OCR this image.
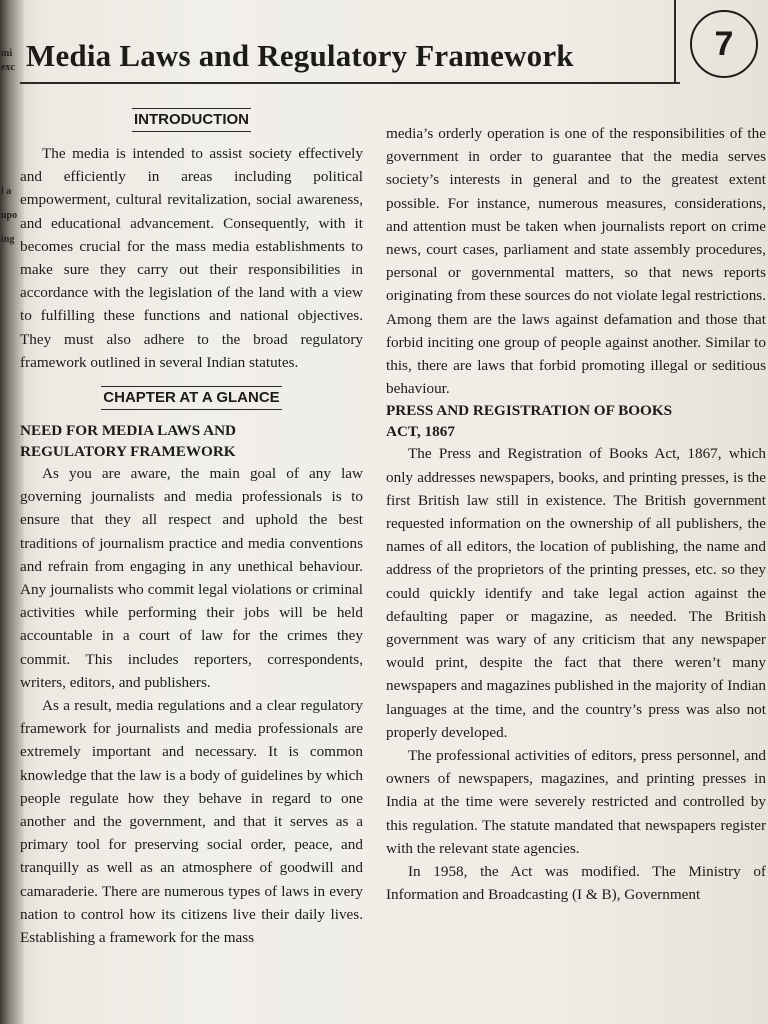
mi
exc
l a
npo
ing
Media Laws and Regulatory Framework	7
INTRODUCTION

The media is intended to assist society effectively and efficiently in areas including political empowerment, cultural revitalization, social awareness, and educational advancement. Consequently, with it becomes crucial for the mass media establishments to make sure they carry out their responsibilities in accordance with the legislation of the land with a view to fulfilling these functions and national objectives. They must also adhere to the broad regulatory framework outlined in several Indian statutes.

CHAPTER AT A GLANCE

NEED FOR MEDIA LAWS AND

REGULATORY FRAMEWORK

As you are aware, the main goal of any law governing journalists and media professionals is to ensure that they all respect and uphold the best traditions of journalism practice and media conventions and refrain from engaging in any unethical behaviour. Any journalists who commit legal violations or criminal activities while performing their jobs will be held accountable in a court of law for the crimes they commit. This includes reporters, correspondents, writers, editors, and publishers.

As a result, media regulations and a clear regulatory framework for journalists and media professionals are extremely important and necessary. It is common knowledge that the law is a body of guidelines by which people regulate how they behave in regard to one another and the government, and that it serves as a primary tool for preserving social order, peace, and tranquilly as well as an atmosphere of goodwill and camaraderie. There are numerous types of laws in every nation to control how its citizens live their daily lives. Establishing a framework for the mass

media’s orderly operation is one of the responsibilities of the government in order to guarantee that the media serves society’s interests in general and to the greatest extent possible. For instance, numerous measures, considerations, and attention must be taken when journalists report on crime news, court cases, parliament and state assembly procedures, personal or governmental matters, so that news reports originating from these sources do not violate legal restrictions. Among them are the laws against defamation and those that forbid inciting one group of people against another. Similar to this, there are laws that forbid promoting illegal or seditious behaviour.

PRESS AND REGISTRATION OF BOOKS

ACT, 1867

The Press and Registration of Books Act, 1867, which only addresses newspapers, books, and printing presses, is the first British law still in existence. The British government requested information on the ownership of all publishers, the names of all editors, the location of publishing, the name and address of the proprietors of the printing presses, etc. so they could quickly identify and take legal action against the defaulting paper or magazine, as needed. The British government was wary of any criticism that any newspaper would print, despite the fact that there weren’t many newspapers and magazines published in the majority of Indian languages at the time, and the country’s press was also not properly developed.

The professional activities of editors, press personnel, and owners of newspapers, magazines, and printing presses in India at the time were severely restricted and controlled by this regulation. The statute mandated that newspapers register with the relevant state agencies.

In 1958, the Act was modified. The Ministry of Information and Broadcasting (I & B), Government
